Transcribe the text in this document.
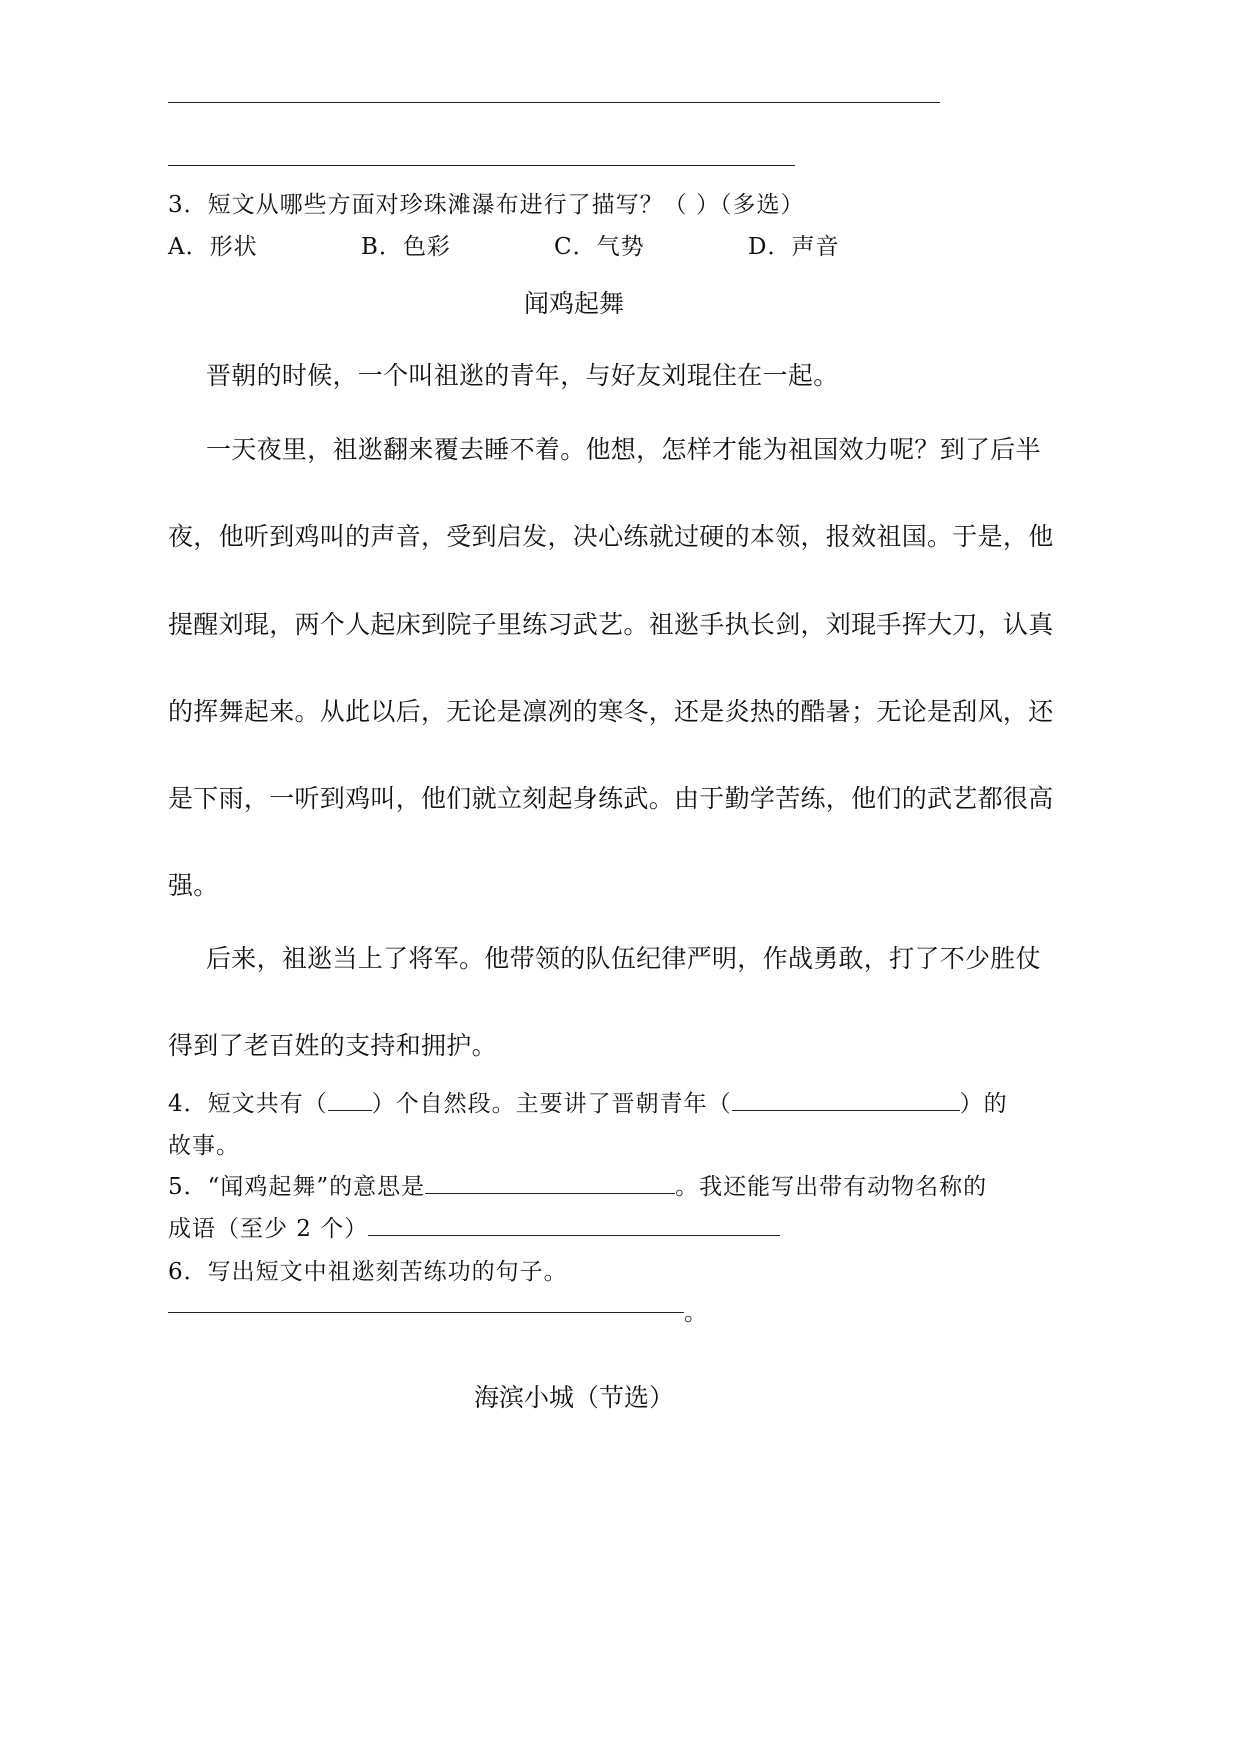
3．短文从哪些方面对珍珠滩瀑布进行了描写？（ ）（多选）
A．形状	B．色彩	C．气势	D．声音
闻鸡起舞
晋朝的时候，一个叫祖逖的青年，与好友刘琨住在一起。
一天夜里，祖逖翻来覆去睡不着。他想，怎样才能为祖国效力呢？到了后半
夜，他听到鸡叫的声音，受到启发，决心练就过硬的本领，报效祖国。于是，他
提醒刘琨，两个人起床到院子里练习武艺。祖逖手执长剑，刘琨手挥大刀，认真
的挥舞起来。从此以后，无论是凛冽的寒冬，还是炎热的酷暑；无论是刮风，还
是下雨，一听到鸡叫，他们就立刻起身练武。由于勤学苦练，他们的武艺都很高
强。
后来，祖逖当上了将军。他带领的队伍纪律严明，作战勇敢，打了不少胜仗
得到了老百姓的支持和拥护。
4．短文共有（ ）个自然段。主要讲了晋朝青年（	）的
故事。
5．“闻鸡起舞”的意思是	。我还能写出带有动物名称的
成语（至少 2 个）
6．写出短文中祖逖刻苦练功的句子。
。
海滨小城（节选）
